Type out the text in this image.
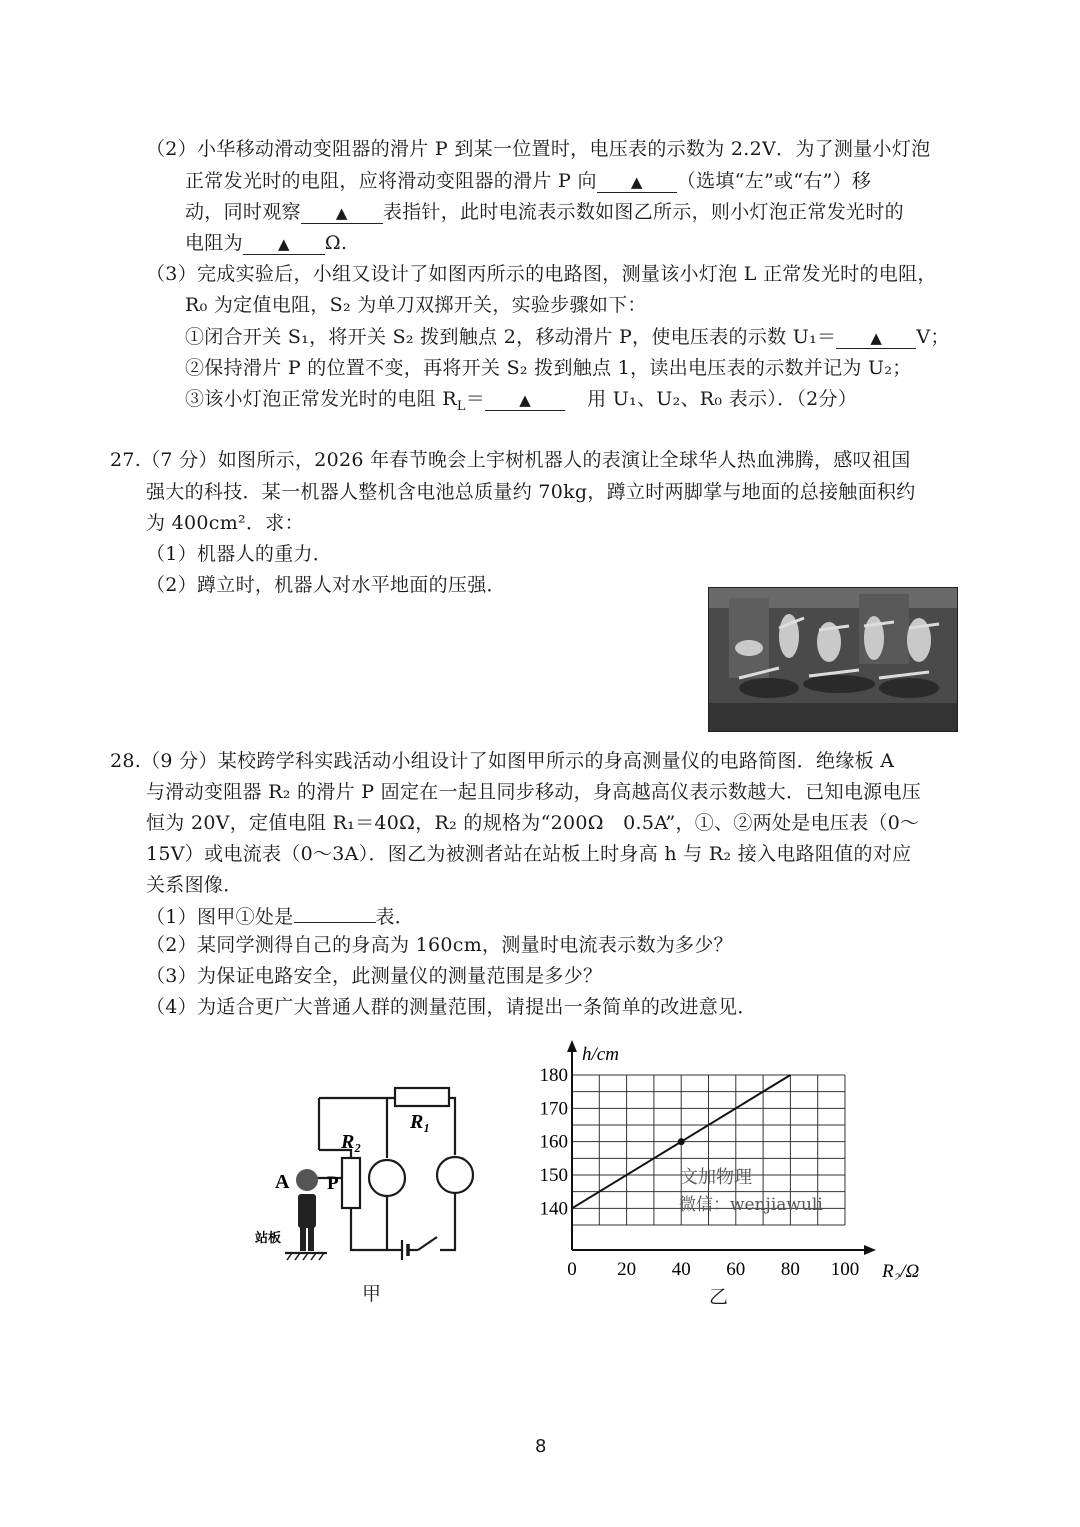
（2）小华移动滑动变阻器的滑片 P 到某一位置时，电压表的示数为 2.2V．为了测量小灯泡
正常发光时的电阻，应将滑动变阻器的滑片 P 向 ▲ （选填“左”或“右”）移
动，同时观察 ▲ 表指针，此时电流表示数如图乙所示，则小灯泡正常发光时的
电阻为 ▲ Ω.
（3）完成实验后，小组又设计了如图丙所示的电路图，测量该小灯泡 L 正常发光时的电阻，
R₀ 为定值电阻，S₂ 为单刀双掷开关，实验步骤如下：
①闭合开关 S₁，将开关 S₂ 拨到触点 2，移动滑片 P，使电压表的示数 U₁＝ ▲ V；
②保持滑片 P 的位置不变，再将开关 S₂ 拨到触点 1，读出电压表的示数并记为 U₂；
③该小灯泡正常发光时的电阻 $R_L=$ ▲	用 U₁、U₂、R₀ 表示）．（2分）
27.（7 分）如图所示，2026 年春节晚会上宇树机器人的表演让全球华人热血沸腾，感叹祖国
强大的科技．某一机器人整机含电池总质量约 70kg，蹲立时两脚掌与地面的总接触面积约
为 400cm²．求：
（1）机器人的重力．
（2）蹲立时，机器人对水平地面的压强．
28.（9 分）某校跨学科实践活动小组设计了如图甲所示的身高测量仪的电路简图．绝缘板 A
与滑动变阻器 R₂ 的滑片 P 固定在一起且同步移动，身高越高仪表示数越大．已知电源电压
恒为 20V，定值电阻 R₁＝40Ω，R₂ 的规格为“200Ω　0.5A”，①、②两处是电压表（0～
15V）或电流表（0～3A）．图乙为被测者站在站板上时身高 h 与 R₂ 接入电路阻值的对应
关系图像．
（1）图甲①处是	表．
（2）某同学测得自己的身高为 160cm，测量时电流表示数为多少？
（3）为保证电路安全，此测量仪的测量范围是多少？
（4）为适合更广大普通人群的测量范围，请提出一条简单的改进意见．
R₂
R₁
A P
站板
甲
0 20 40 60 80 100
140
150
160
170
180
h/cm
R₂/Ω
乙
文加物理
微信：wenjiawuli
8
